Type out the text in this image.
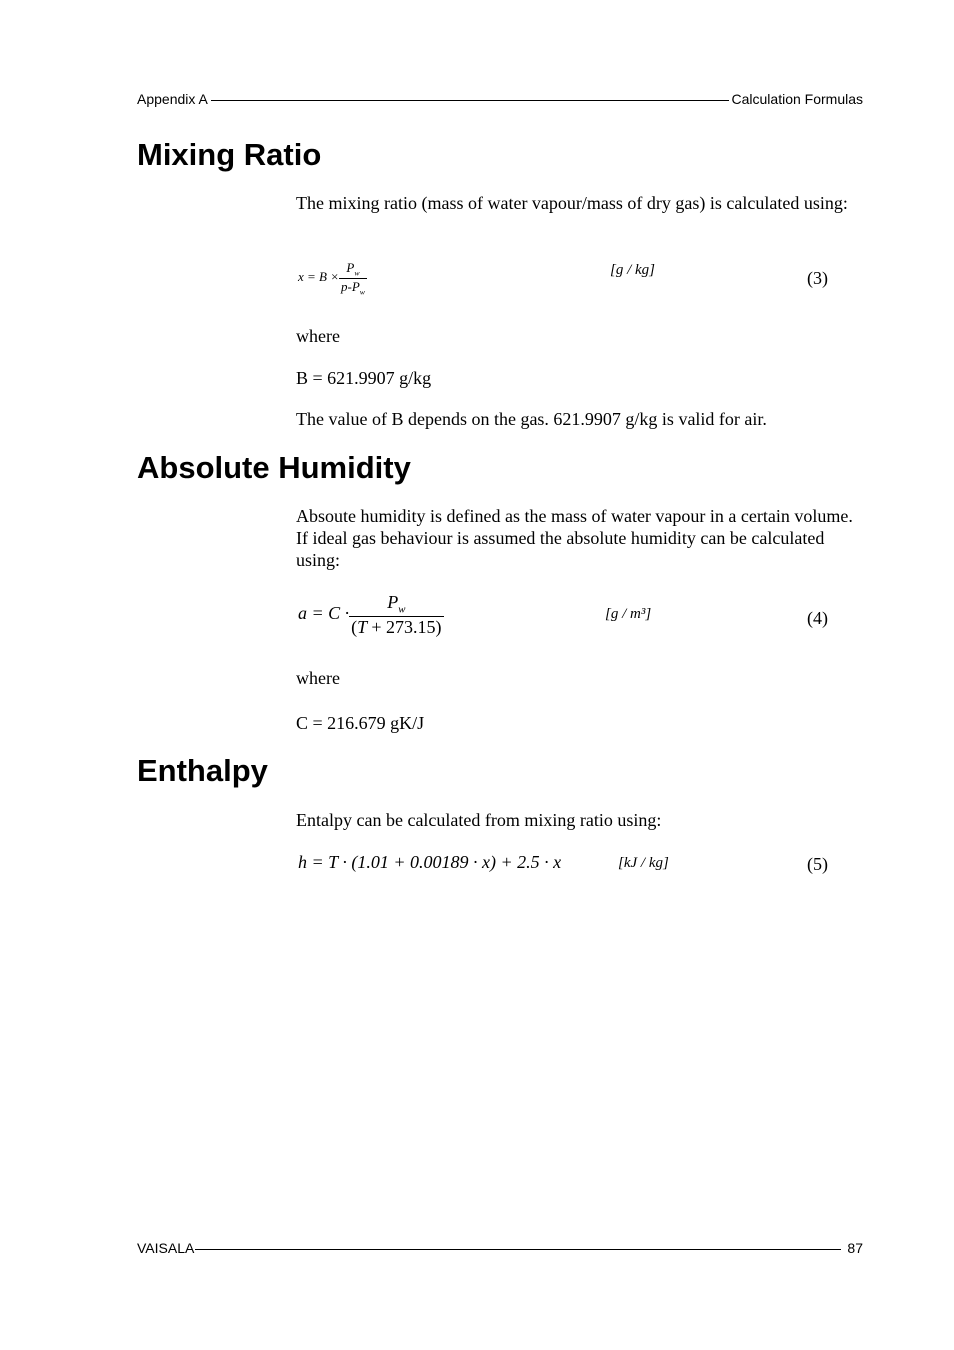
Appendix A	Calculation Formulas
Mixing Ratio

The mixing ratio (mass of water vapour/mass of dry gas) is calculated using:

$x = B \times \frac{P_w}{p-P_w}$	[g / kg]	(3)

where

B = 621.9907 g/kg

The value of B depends on the gas. 621.9907 g/kg is valid for air.

Absolute Humidity

Absoute humidity is defined as the mass of water vapour in a certain volume. If ideal gas behaviour is assumed the absolute humidity can be calculated using:

$a = C \cdot \frac{P_w}{(T + 273.15)}$	[g / m³]	(4)

where

C = 216.679 gK/J

Enthalpy

Entalpy can be calculated from mixing ratio using:

h = T · (1.01 + 0.00189 · x) + 2.5 · x	[kJ / kg]	(5)
VAISALA	87
